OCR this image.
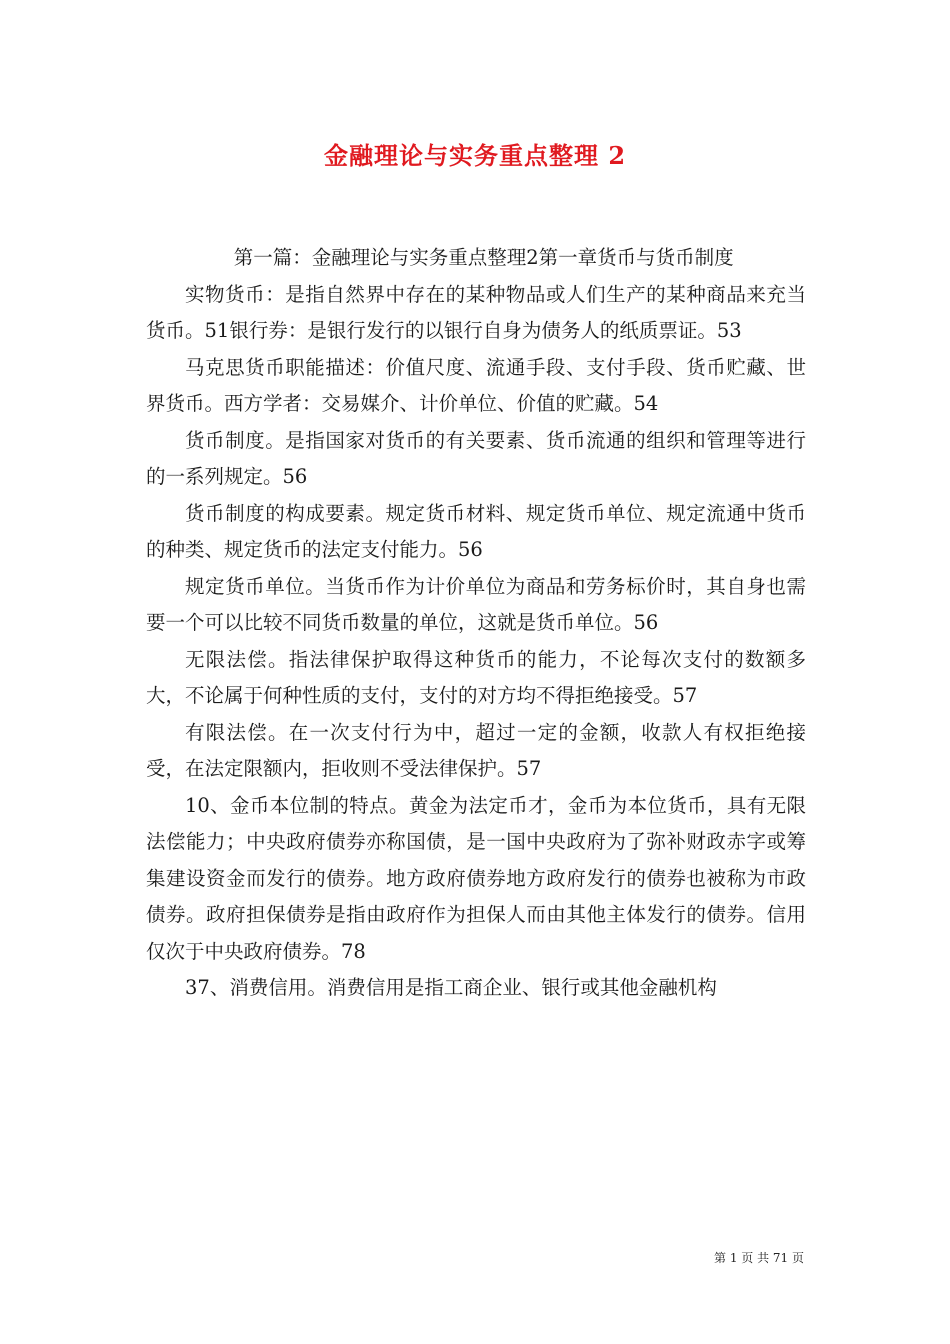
金融理论与实务重点整理 2

第一篇：金融理论与实务重点整理2第一章货币与货币制度

实物货币：是指自然界中存在的某种物品或人们生产的某种商品来充当货币。51银行券：是银行发行的以银行自身为债务人的纸质票证。53

马克思货币职能描述：价值尺度、流通手段、支付手段、货币贮藏、世界货币。西方学者：交易媒介、计价单位、价值的贮藏。54

货币制度。是指国家对货币的有关要素、货币流通的组织和管理等进行的一系列规定。56

货币制度的构成要素。规定货币材料、规定货币单位、规定流通中货币的种类、规定货币的法定支付能力。56

规定货币单位。当货币作为计价单位为商品和劳务标价时，其自身也需要一个可以比较不同货币数量的单位，这就是货币单位。56

无限法偿。指法律保护取得这种货币的能力，不论每次支付的数额多大，不论属于何种性质的支付，支付的对方均不得拒绝接受。57

有限法偿。在一次支付行为中，超过一定的金额，收款人有权拒绝接受，在法定限额内，拒收则不受法律保护。57

10、金币本位制的特点。黄金为法定币才，金币为本位货币，具有无限法偿能力；中央政府债券亦称国债，是一国中央政府为了弥补财政赤字或筹集建设资金而发行的债券。地方政府债券地方政府发行的债券也被称为市政债券。政府担保债券是指由政府作为担保人而由其他主体发行的债券。信用仅次于中央政府债券。78

37、消费信用。消费信用是指工商企业、银行或其他金融机构

第 1 页 共 71 页
